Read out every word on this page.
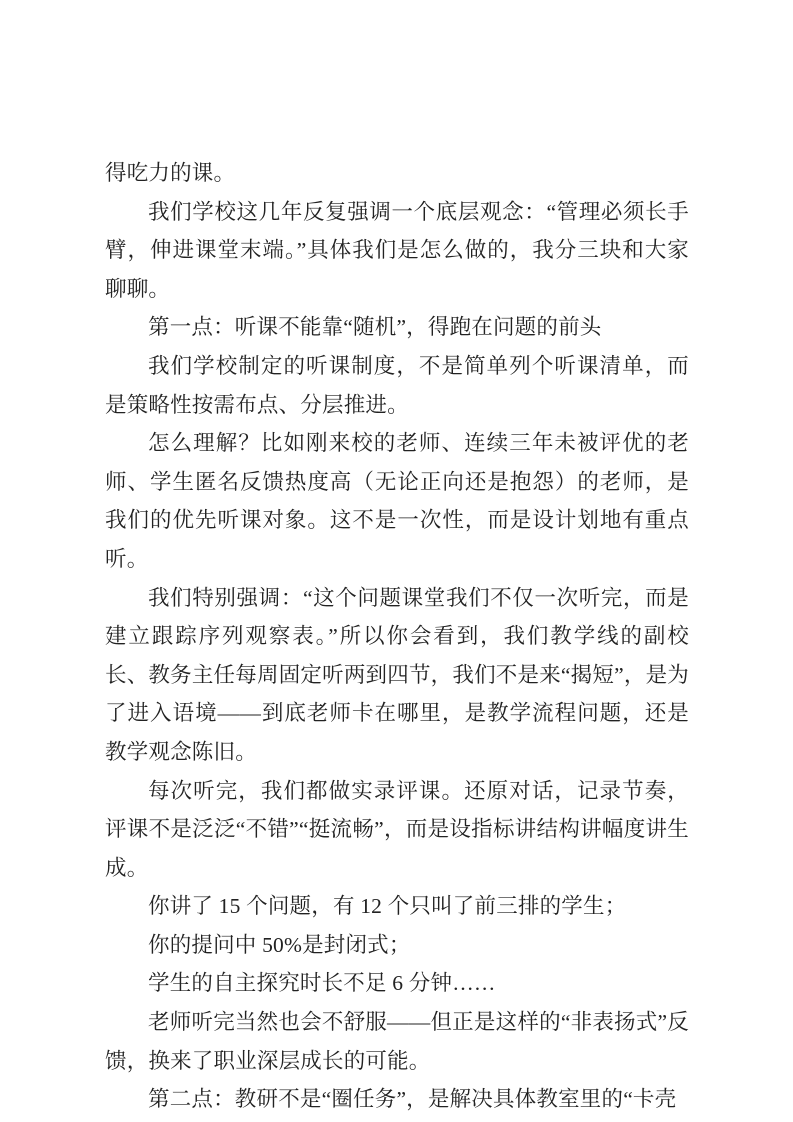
得吃力的课。

我们学校这几年反复强调一个底层观念：“管理必须长手臂，伸进课堂末端。”具体我们是怎么做的，我分三块和大家聊聊。

第一点：听课不能靠“随机”，得跑在问题的前头

我们学校制定的听课制度，不是简单列个听课清单，而是策略性按需布点、分层推进。

怎么理解？比如刚来校的老师、连续三年未被评优的老师、学生匿名反馈热度高（无论正向还是抱怨）的老师，是我们的优先听课对象。这不是一次性，而是设计划地有重点听。

我们特别强调：“这个问题课堂我们不仅一次听完，而是建立跟踪序列观察表。”所以你会看到，我们教学线的副校长、教务主任每周固定听两到四节，我们不是来“揭短”，是为了进入语境——到底老师卡在哪里，是教学流程问题，还是教学观念陈旧。

每次听完，我们都做实录评课。还原对话，记录节奏，评课不是泛泛“不错”“挺流畅”，而是设指标讲结构讲幅度讲生成。

你讲了 15 个问题，有 12 个只叫了前三排的学生；

你的提问中 50%是封闭式；

学生的自主探究时长不足 6 分钟……

老师听完当然也会不舒服——但正是这样的“非表扬式”反馈，换来了职业深层成长的可能。

第二点：教研不是“圈任务”，是解决具体教室里的“卡壳
